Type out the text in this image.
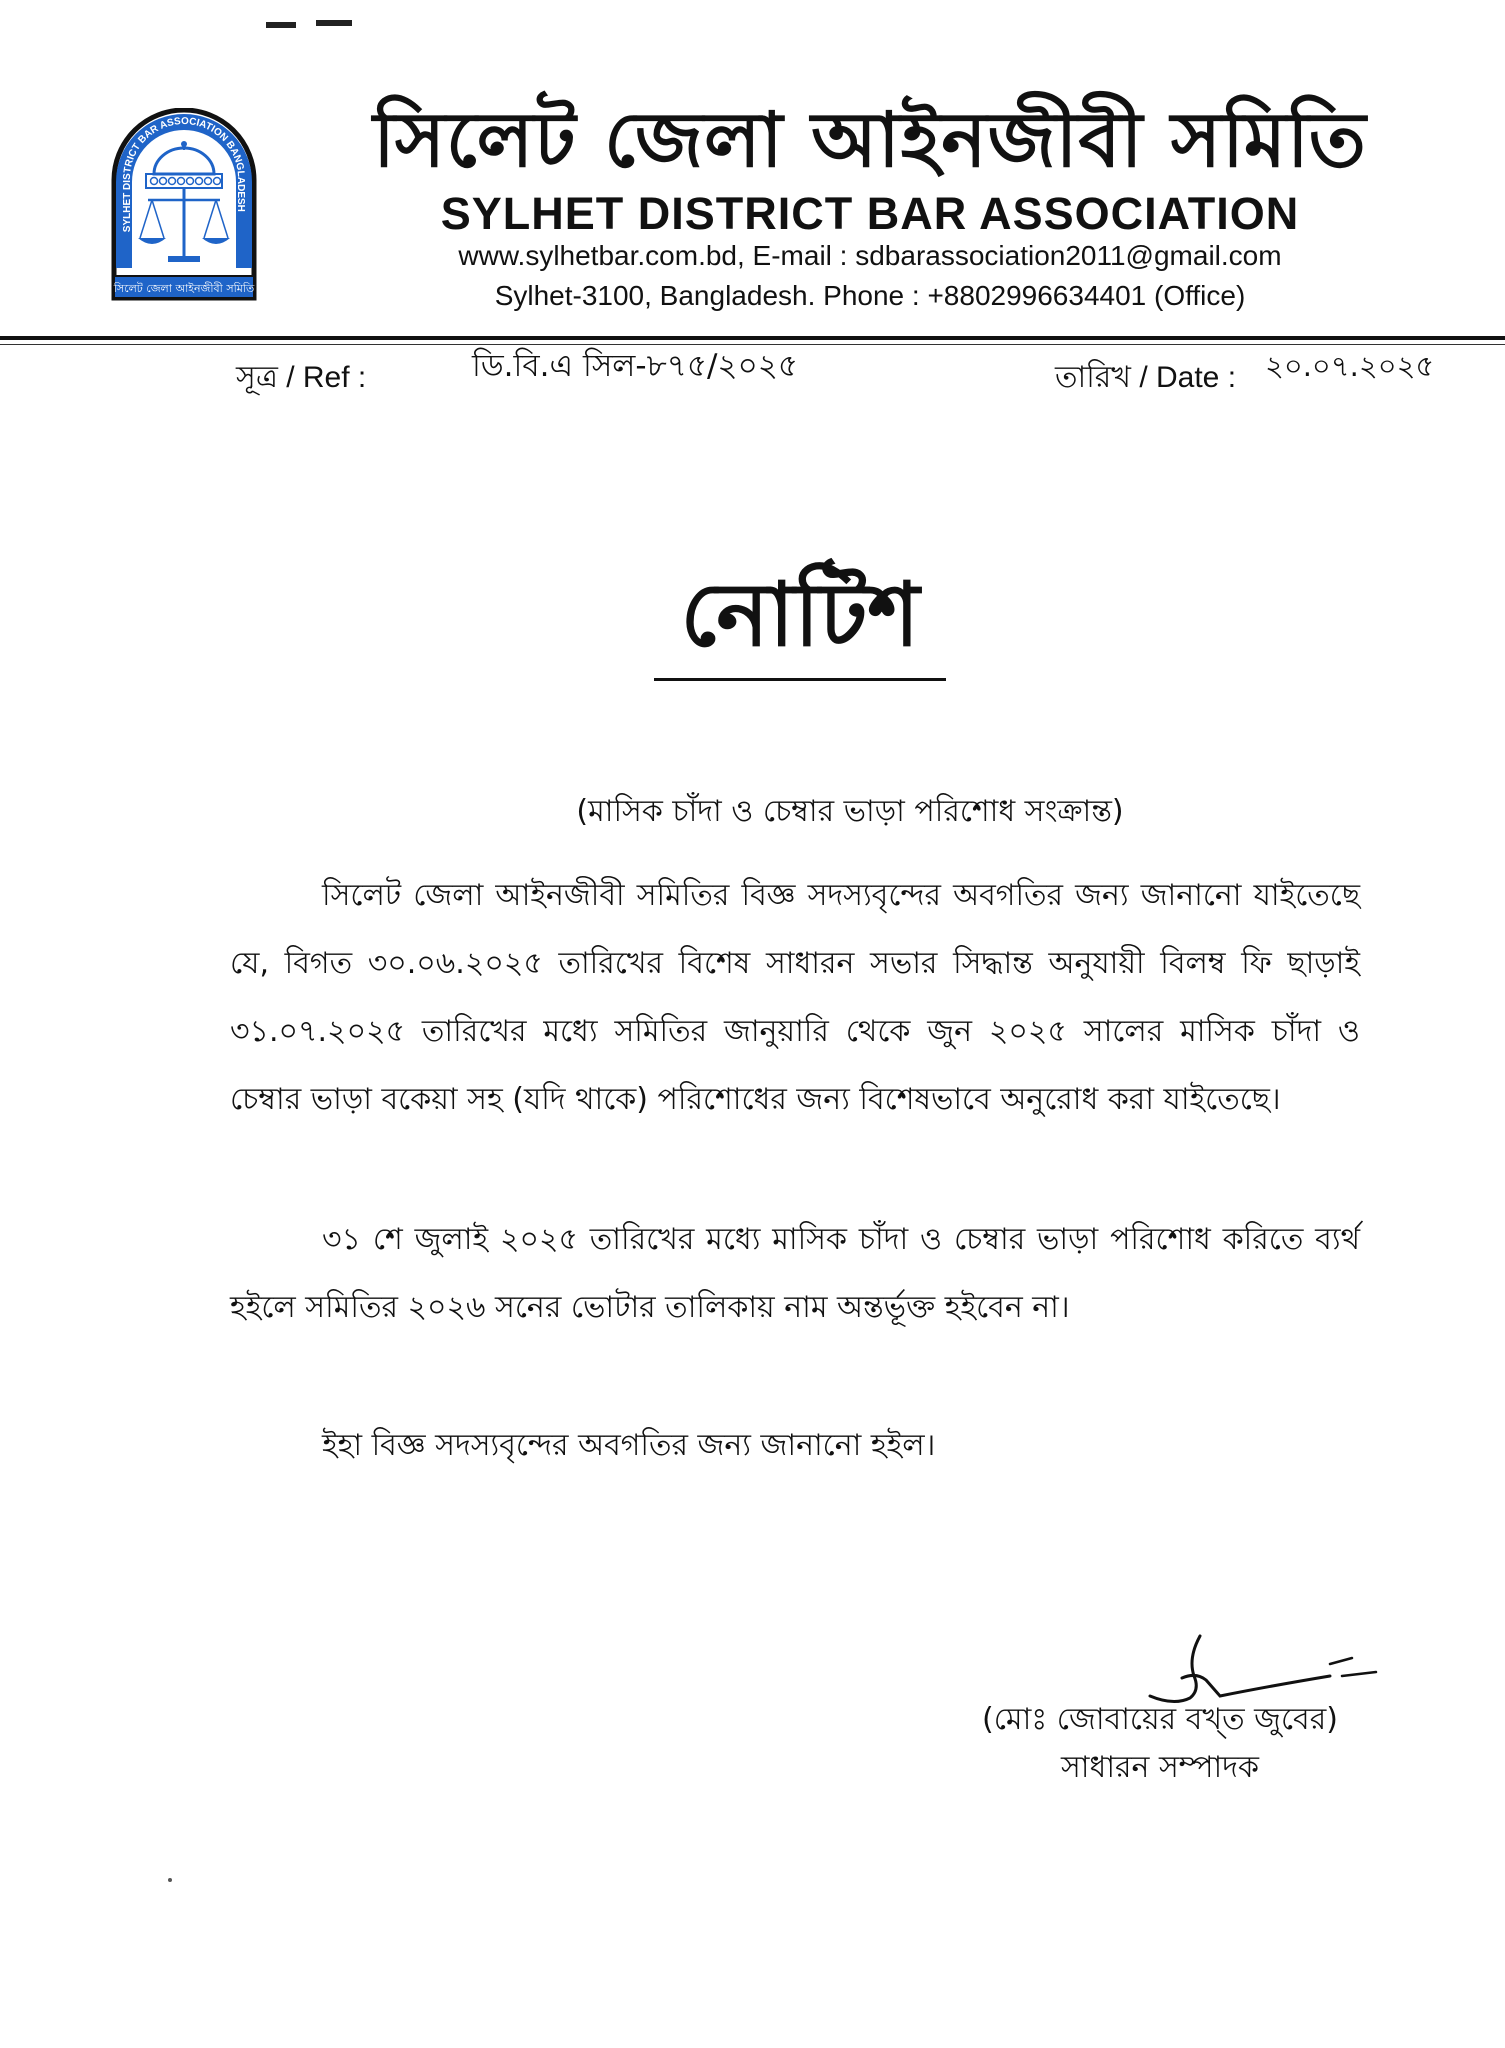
SYLHET DISTRICT BAR ASSOCIATION BANGLADESH
সিলেট জেলা আইনজীবী সমিতি
সিলেট জেলা আইনজীবী সমিতি
SYLHET DISTRICT BAR ASSOCIATION
www.sylhetbar.com.bd, E-mail : sdbarassociation2011@gmail.com
Sylhet-3100, Bangladesh. Phone : +8802996634401 (Office)
সূত্র / Ref :	ডি.বি.এ সিল-৮৭৫/২০২৫	তারিখ / Date : ২০.০৭.২০২৫
নোটিশ
(মাসিক চাঁদা ও চেম্বার ভাড়া পরিশোধ সংক্রান্ত)

সিলেট জেলা আইনজীবী সমিতির বিজ্ঞ সদস্যবৃন্দের অবগতির জন্য জানানো যাইতেছে যে, বিগত ৩০.০৬.২০২৫ তারিখের বিশেষ সাধারন সভার সিদ্ধান্ত অনুযায়ী বিলম্ব ফি ছাড়াই ৩১.০৭.২০২৫ তারিখের মধ্যে সমিতির জানুয়ারি থেকে জুন ২০২৫ সালের মাসিক চাঁদা ও চেম্বার ভাড়া বকেয়া সহ (যদি থাকে) পরিশোধের জন্য বিশেষভাবে অনুরোধ করা যাইতেছে।

৩১ শে জুলাই ২০২৫ তারিখের মধ্যে মাসিক চাঁদা ও চেম্বার ভাড়া পরিশোধ করিতে ব্যর্থ হইলে সমিতির ২০২৬ সনের ভোটার তালিকায় নাম অন্তর্ভূক্ত হইবেন না।

ইহা বিজ্ঞ সদস্যবৃন্দের অবগতির জন্য জানানো হইল।

(মোঃ জোবায়ের বখ্‌ত জুবের)
সাধারন সম্পাদক
